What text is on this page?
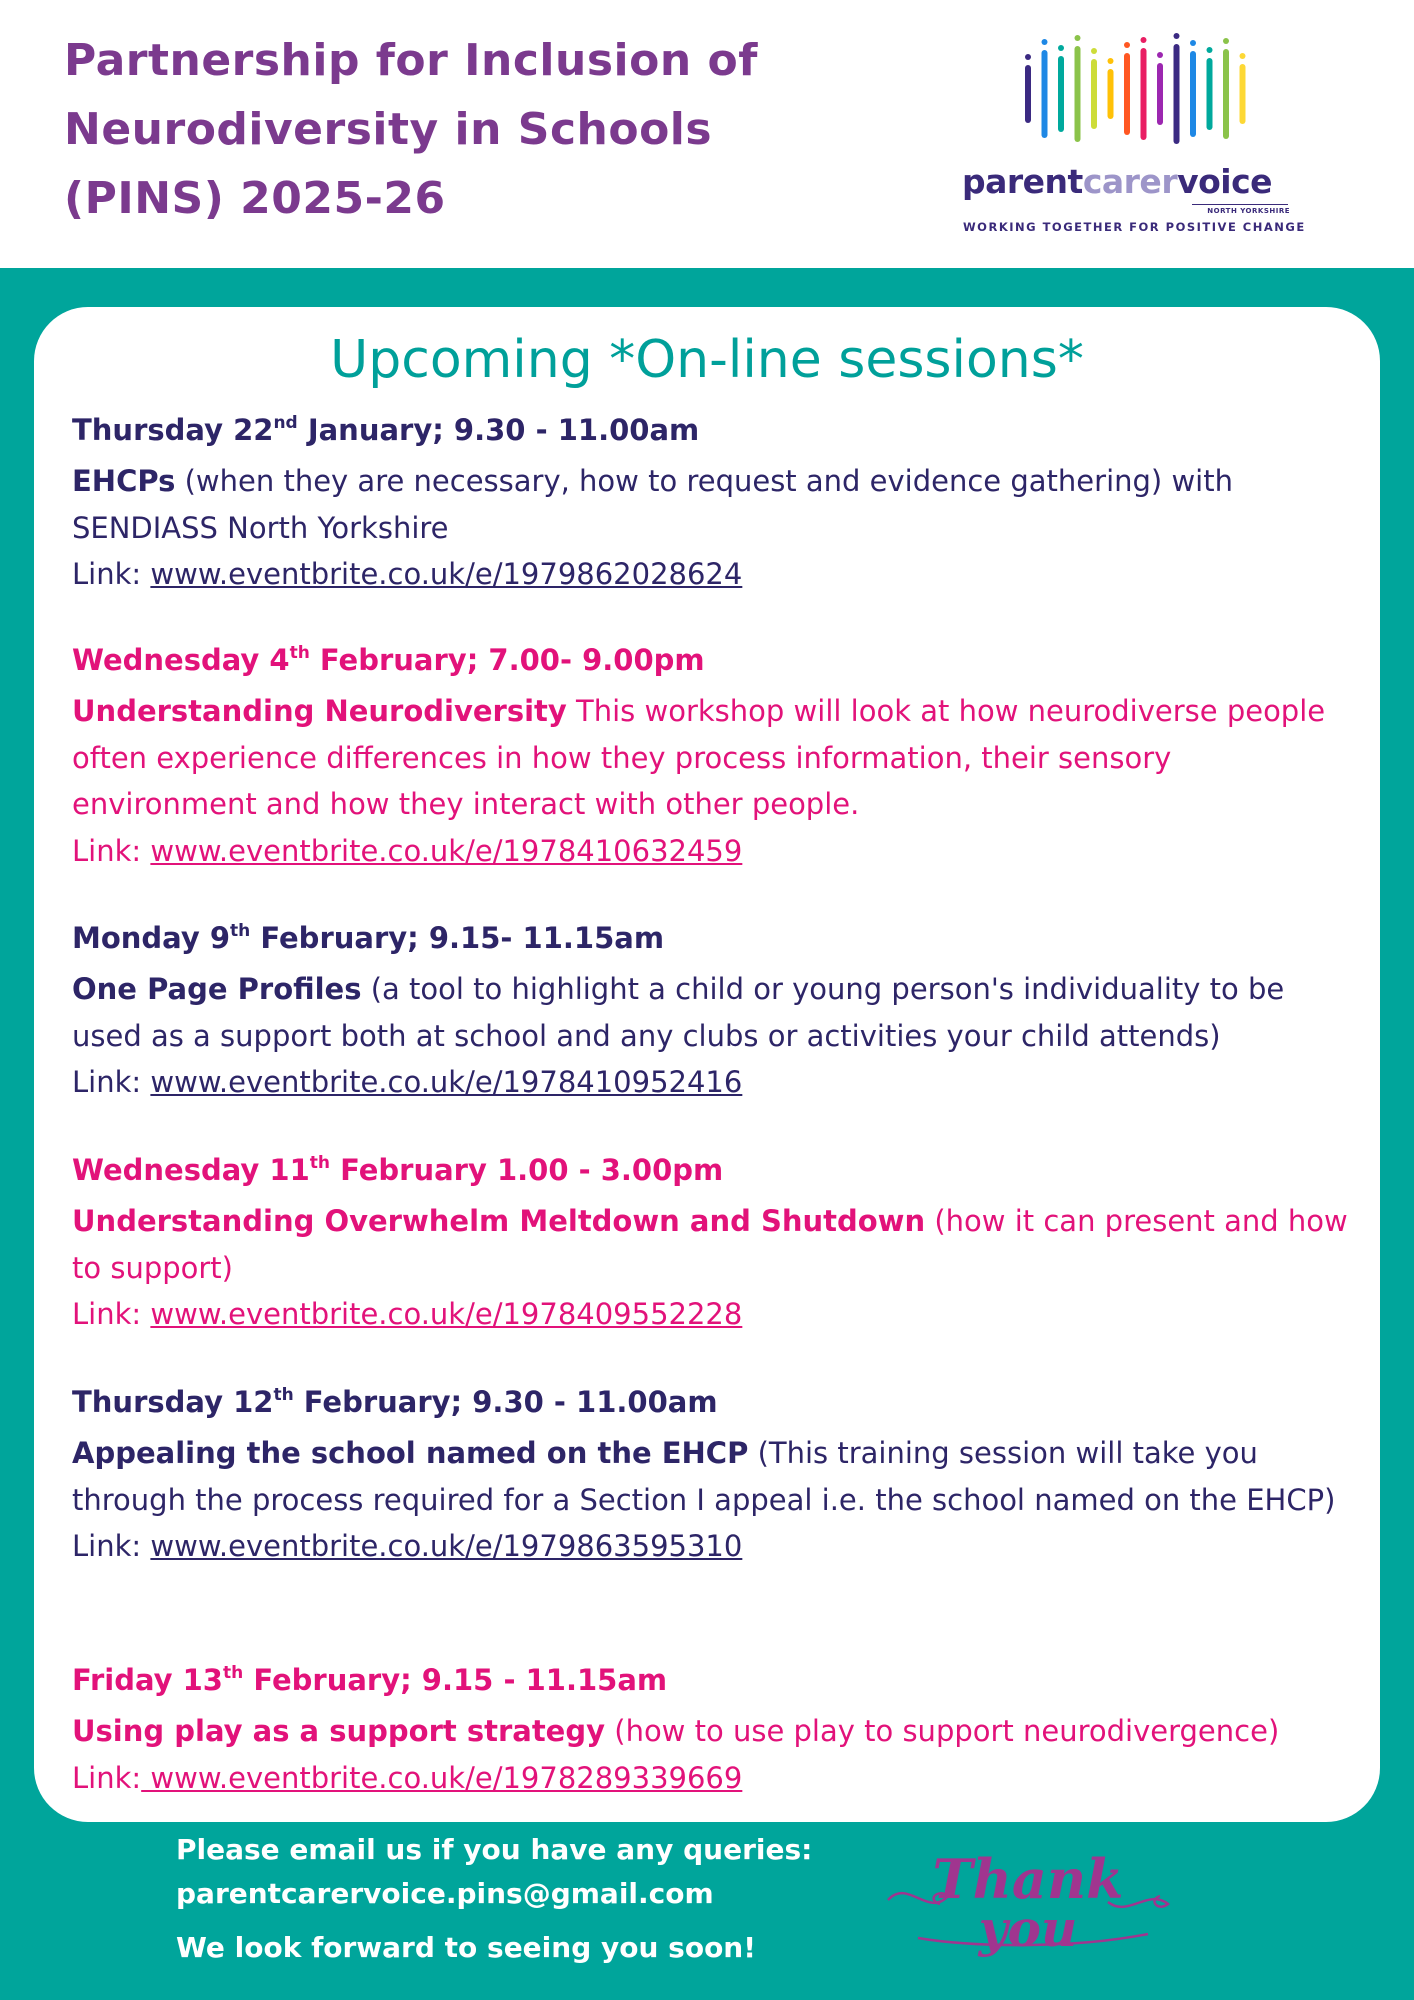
Partnership for Inclusion of
Neurodiversity in Schools
(PINS) 2025-26	parentcarervoice
NORTH YORKSHIRE
WORKING TOGETHER FOR POSITIVE CHANGE
Upcoming *On-line sessions*
Thursday 22nd January; 9.30 - 11.00am
EHCPs (when they are necessary, how to request and evidence gathering) with SENDIASS North Yorkshire
Link: www.eventbrite.co.uk/e/1979862028624
Wednesday 4th February; 7.00- 9.00pm
Understanding Neurodiversity This workshop will look at how neurodiverse people often experience differences in how they process information, their sensory environment and how they interact with other people.
Link: www.eventbrite.co.uk/e/1978410632459
Monday 9th February; 9.15- 11.15am
One Page Profiles (a tool to highlight a child or young person's individuality to be used as a support both at school and any clubs or activities your child attends)
Link: www.eventbrite.co.uk/e/1978410952416
Wednesday 11th February 1.00 - 3.00pm
Understanding Overwhelm Meltdown and Shutdown (how it can present and how to support)
Link: www.eventbrite.co.uk/e/1978409552228
Thursday 12th February; 9.30 - 11.00am
Appealing the school named on the EHCP (This training session will take you through the process required for a Section I appeal i.e. the school named on the EHCP)
Link: www.eventbrite.co.uk/e/1979863595310
Friday 13th February; 9.15 - 11.15am
Using play as a support strategy (how to use play to support neurodivergence)
Link: www.eventbrite.co.uk/e/1978289339669
Please email us if you have any queries:
parentcarervoice.pins@gmail.com
We look forward to seeing you soon!
Thank
you
